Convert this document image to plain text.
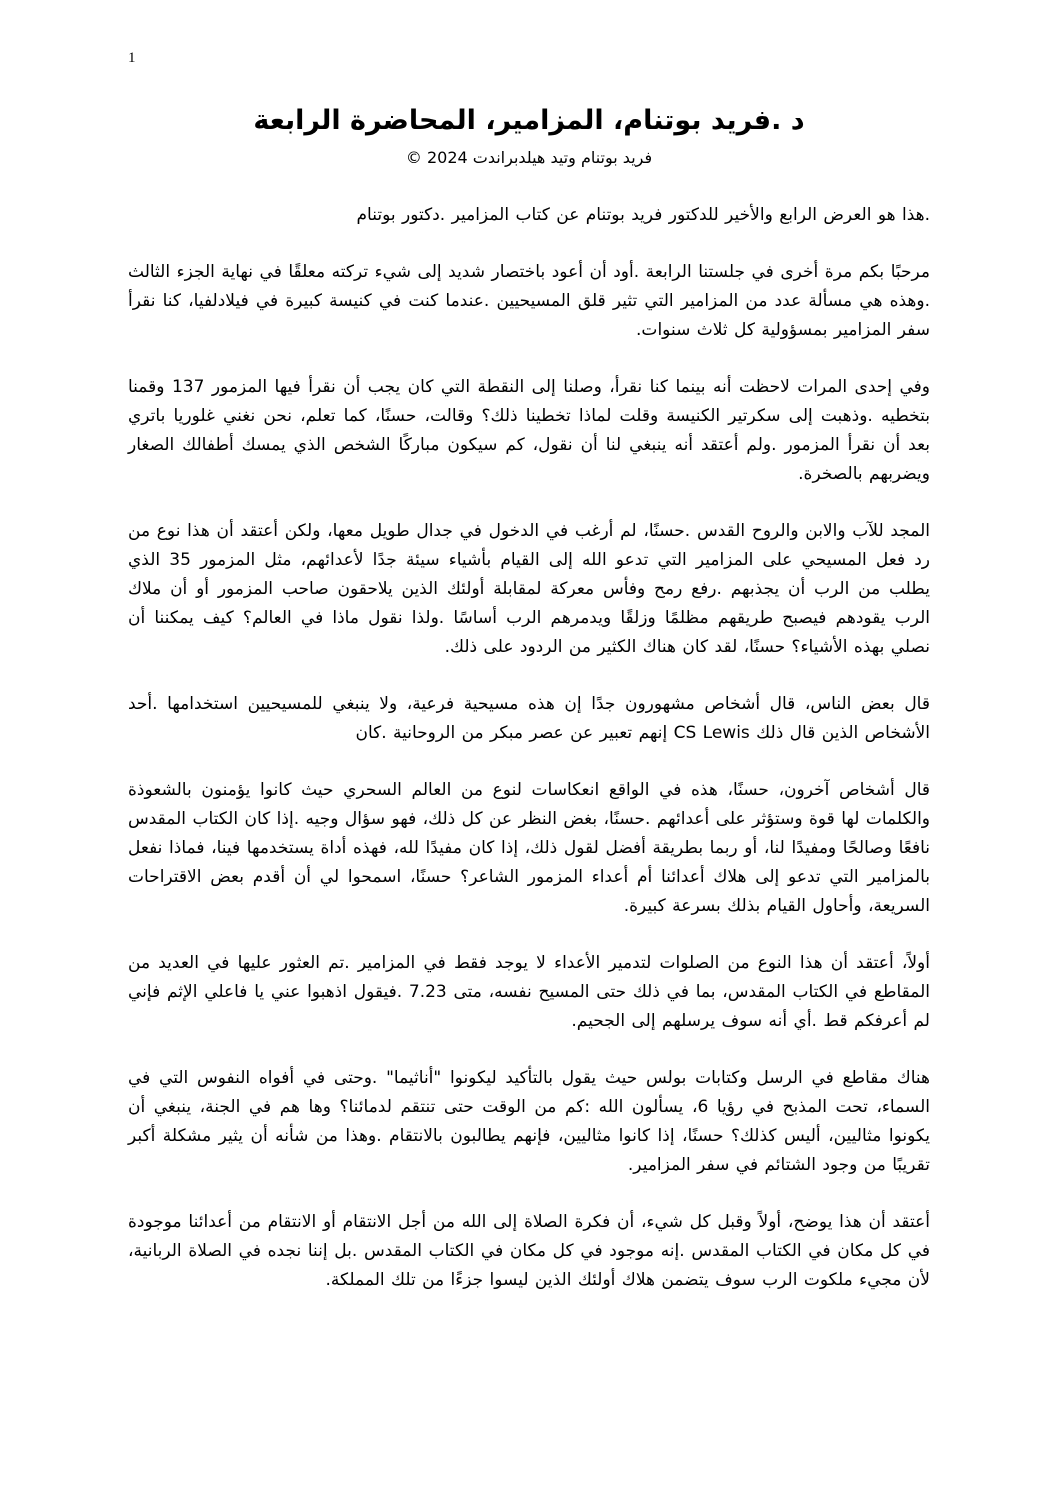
1
د .فريد بوتنام، المزامير، المحاضرة الرابعة
فريد بوتنام وتيد هيلدبراندت 2024 ©

.هذا هو العرض الرابع والأخير للدكتور فريد بوتنام عن كتاب المزامير .دكتور بوتنام

مرحبًا بكم مرة أخرى في جلستنا الرابعة .أود أن أعود باختصار شديد إلى شيء تركته معلقًا في نهاية الجزء الثالث .وهذه هي مسألة عدد من المزامير التي تثير قلق المسيحيين .عندما كنت في كنيسة كبيرة في فيلادلفيا، كنا نقرأ سفر المزامير بمسؤولية كل ثلاث سنوات.

وفي إحدى المرات لاحظت أنه بينما كنا نقرأ، وصلنا إلى النقطة التي كان يجب أن نقرأ فيها المزمور 137 وقمنا بتخطيه .وذهبت إلى سكرتير الكنيسة وقلت لماذا تخطينا ذلك؟ وقالت، حسنًا، كما تعلم، نحن نغني غلوريا باتري بعد أن نقرأ المزمور .ولم أعتقد أنه ينبغي لنا أن نقول، كم سيكون مباركًا الشخص الذي يمسك أطفالك الصغار ويضربهم بالصخرة.

المجد للآب والابن والروح القدس .حسنًا، لم أرغب في الدخول في جدال طويل معها، ولكن أعتقد أن هذا نوع من رد فعل المسيحي على المزامير التي تدعو الله إلى القيام بأشياء سيئة جدًا لأعدائهم، مثل المزمور 35 الذي يطلب من الرب أن يجذبهم .رفع رمح وفأس معركة لمقابلة أولئك الذين يلاحقون صاحب المزمور أو أن ملاك الرب يقودهم فيصبح طريقهم مظلمًا وزلقًا ويدمرهم الرب أساسًا .ولذا نقول ماذا في العالم؟ كيف يمكننا أن نصلي بهذه الأشياء؟ حسنًا، لقد كان هناك الكثير من الردود على ذلك.

قال بعض الناس، قال أشخاص مشهورون جدًا إن هذه مسيحية فرعية، ولا ينبغي للمسيحيين استخدامها .أحد الأشخاص الذين قال ذلك CS Lewis إنهم تعبير عن عصر مبكر من الروحانية .كان

قال أشخاص آخرون، حسنًا، هذه في الواقع انعكاسات لنوع من العالم السحري حيث كانوا يؤمنون بالشعوذة والكلمات لها قوة وستؤثر على أعدائهم .حسنًا، بغض النظر عن كل ذلك، فهو سؤال وجيه .إذا كان الكتاب المقدس نافعًا وصالحًا ومفيدًا لنا، أو ربما بطريقة أفضل لقول ذلك، إذا كان مفيدًا لله، فهذه أداة يستخدمها فينا، فماذا نفعل بالمزامير التي تدعو إلى هلاك أعدائنا أم أعداء المزمور الشاعر؟ حسنًا، اسمحوا لي أن أقدم بعض الاقتراحات السريعة، وأحاول القيام بذلك بسرعة كبيرة.

أولاً، أعتقد أن هذا النوع من الصلوات لتدمير الأعداء لا يوجد فقط في المزامير .تم العثور عليها في العديد من المقاطع في الكتاب المقدس، بما في ذلك حتى المسيح نفسه، متى 7.23 .فيقول اذهبوا عني يا فاعلي الإثم فإني لم أعرفكم قط .أي أنه سوف يرسلهم إلى الجحيم.

هناك مقاطع في الرسل وكتابات بولس حيث يقول بالتأكيد ليكونوا "أناثيما" .وحتى في أفواه النفوس التي في السماء، تحت المذبح في رؤيا 6، يسألون الله :كم من الوقت حتى تنتقم لدمائنا؟ وها هم في الجنة، ينبغي أن يكونوا مثاليين، أليس كذلك؟ حسنًا، إذا كانوا مثاليين، فإنهم يطالبون بالانتقام .وهذا من شأنه أن يثير مشكلة أكبر تقريبًا من وجود الشتائم في سفر المزامير.

أعتقد أن هذا يوضح، أولاً وقبل كل شيء، أن فكرة الصلاة إلى الله من أجل الانتقام أو الانتقام من أعدائنا موجودة في كل مكان في الكتاب المقدس .إنه موجود في كل مكان في الكتاب المقدس .بل إننا نجده في الصلاة الربانية، لأن مجيء ملكوت الرب سوف يتضمن هلاك أولئك الذين ليسوا جزءًا من تلك المملكة.
